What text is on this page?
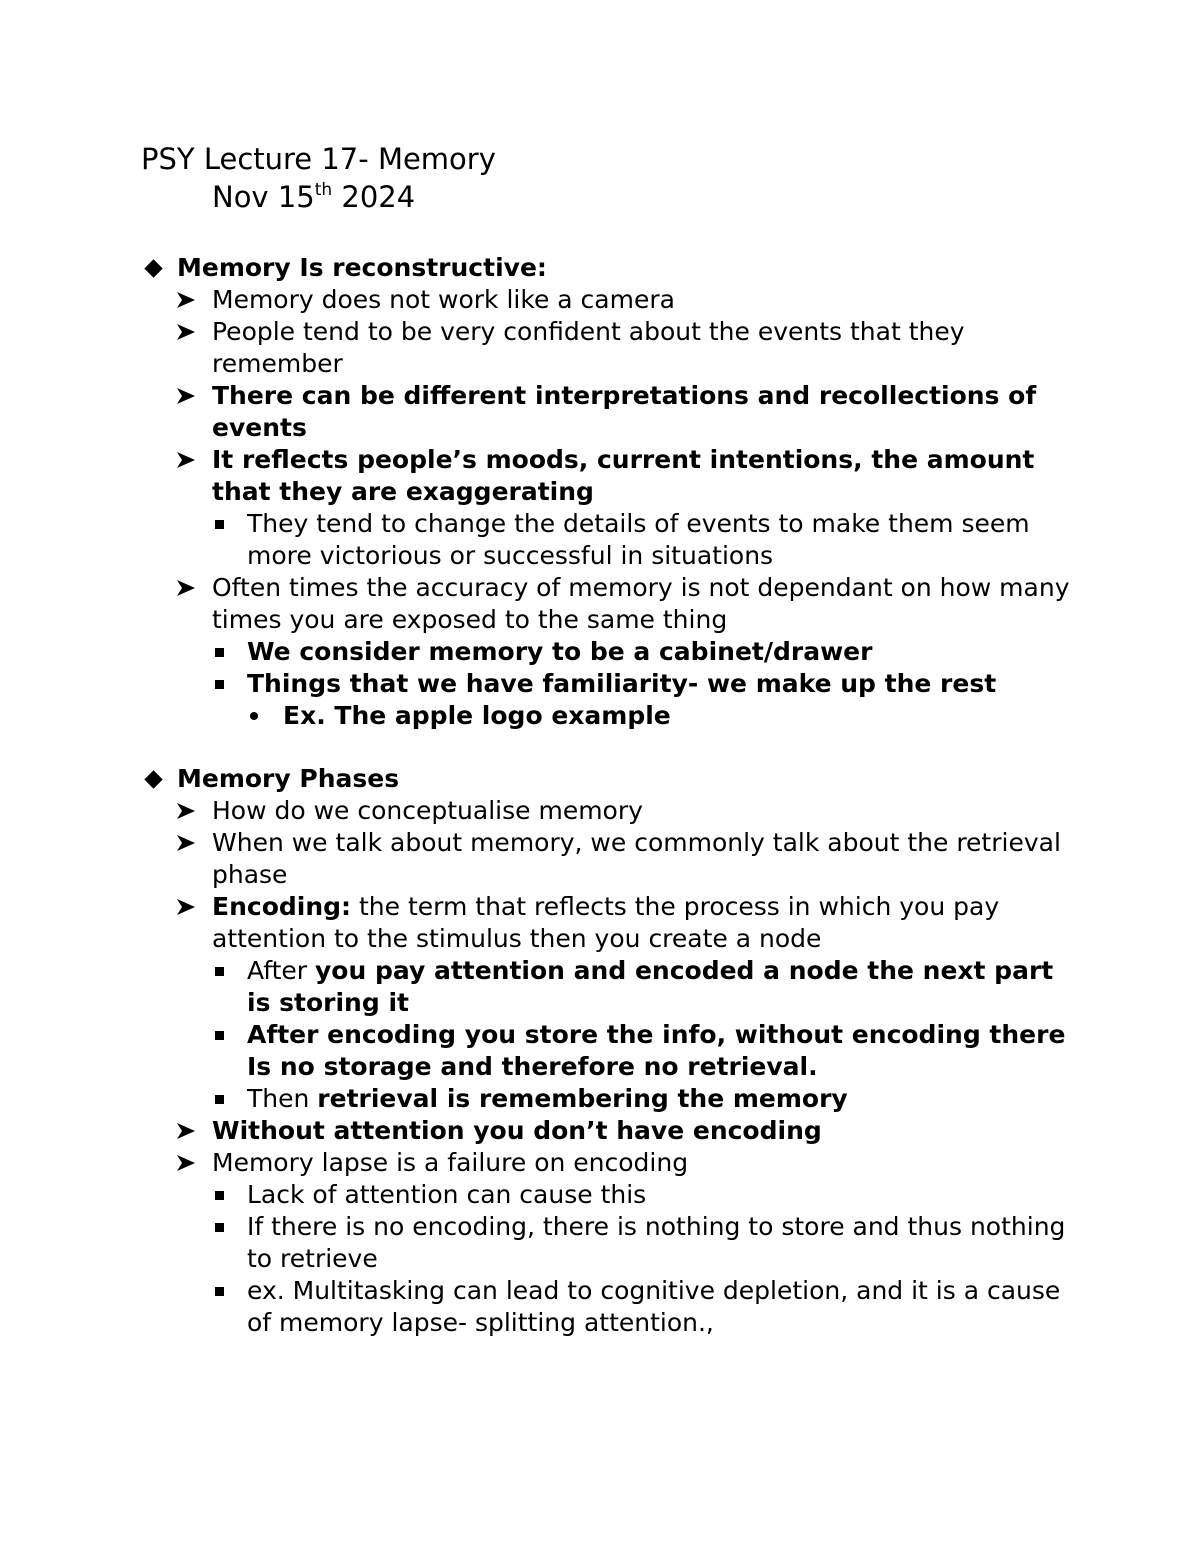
PSY Lecture 17- Memory
Nov 15th 2024
Memory Is reconstructive:
Memory does not work like a camera
People tend to be very confident about the events that they remember
There can be different interpretations and recollections of events
It reflects people’s moods, current intentions, the amount that they are exaggerating
They tend to change the details of events to make them seem more victorious or successful in situations
Often times the accuracy of memory is not dependant on how many times you are exposed to the same thing
We consider memory to be a cabinet/drawer
Things that we have familiarity- we make up the rest
Ex. The apple logo example
Memory Phases
How do we conceptualise memory
When we talk about memory, we commonly talk about the retrieval phase
Encoding: the term that reflects the process in which you pay attention to the stimulus then you create a node
After you pay attention and encoded a node the next part is storing it
After encoding you store the info, without encoding there Is no storage and therefore no retrieval.
Then retrieval is remembering the memory
Without attention you don’t have encoding
Memory lapse is a failure on encoding
Lack of attention can cause this
If there is no encoding, there is nothing to store and thus nothing to retrieve
ex. Multitasking can lead to cognitive depletion, and it is a cause of memory lapse- splitting attention.,
